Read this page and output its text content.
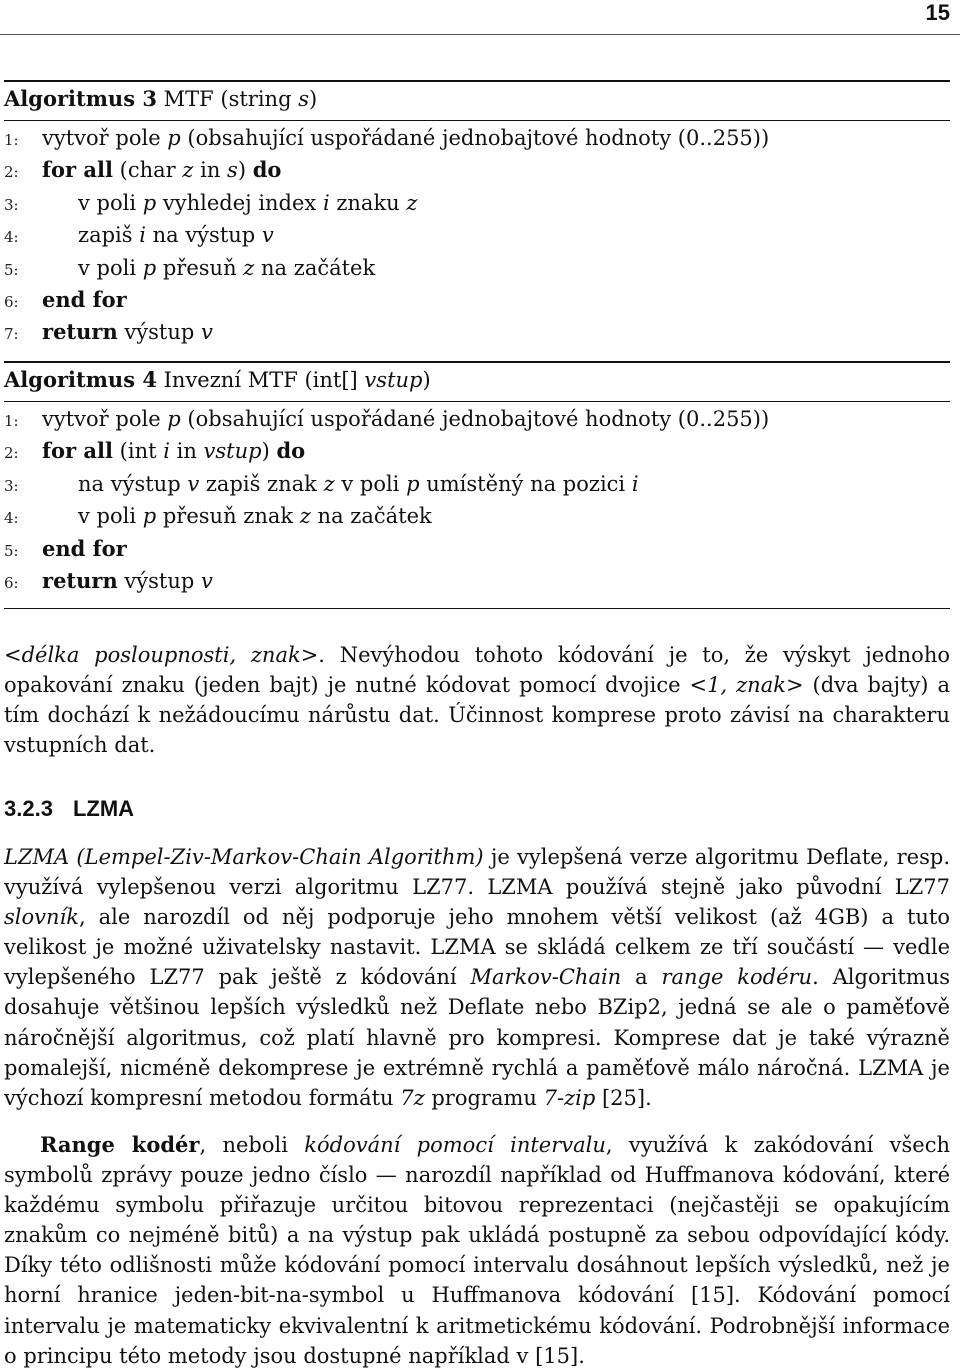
15
Algoritmus 3 MTF (string s)
1: vytvoř pole p (obsahující uspořádané jednobajtové hodnoty (0..255))
2: for all (char z in s) do
3:	v poli p vyhledej index i znaku z
4:	zapiš i na výstup v
5:	v poli p přesuň z na začátek
6: end for
7: return výstup v
Algoritmus 4 Invezní MTF (int[] vstup)
1: vytvoř pole p (obsahující uspořádané jednobajtové hodnoty (0..255))
2: for all (int i in vstup) do
3:	na výstup v zapiš znak z v poli p umístěný na pozici i
4:	v poli p přesuň znak z na začátek
5: end for
6: return výstup v
<délka posloupnosti, znak>. Nevýhodou tohoto kódování je to, že výskyt jednoho opakování znaku (jeden bajt) je nutné kódovat pomocí dvojice <1, znak> (dva bajty) a tím dochází k nežádoucímu nárůstu dat. Účinnost komprese proto závisí na charakteru vstupních dat.
3.2.3 LZMA
LZMA (Lempel-Ziv-Markov-Chain Algorithm) je vylepšená verze algoritmu Deflate, resp. využívá vylepšenou verzi algoritmu LZ77. LZMA používá stejně jako původní LZ77 slovník, ale narozdíl od něj podporuje jeho mnohem větší velikost (až 4GB) a tuto velikost je možné uživatelsky nastavit. LZMA se skládá celkem ze tří součástí — vedle vylepšeného LZ77 pak ještě z kódování Markov-Chain a range kodéru. Algoritmus dosahuje většinou lepších výsledků než Deflate nebo BZip2, jedná se ale o paměťově náročnější algoritmus, což platí hlavně pro kompresi. Komprese dat je také výrazně pomalejší, nicméně dekomprese je extrémně rychlá a paměťově málo náročná. LZMA je výchozí kompresní metodou formátu 7z programu 7-zip [25].
Range kodér, neboli kódování pomocí intervalu, využívá k zakódování všech symbolů zprávy pouze jedno číslo — narozdíl například od Huffmanova kódování, které každému symbolu přiřazuje určitou bitovou reprezentaci (nejčastěji se opakujícím znakům co nejméně bitů) a na výstup pak ukládá postupně za sebou odpovídající kódy. Díky této odlišnosti může kódování pomocí intervalu dosáhnout lepších výsledků, než je horní hranice jeden-bit-na-symbol u Huffmanova kódování [15]. Kódování pomocí intervalu je matematicky ekvivalentní k aritmetickému kódování. Podrobnější informace o principu této metody jsou dostupné například v [15].
